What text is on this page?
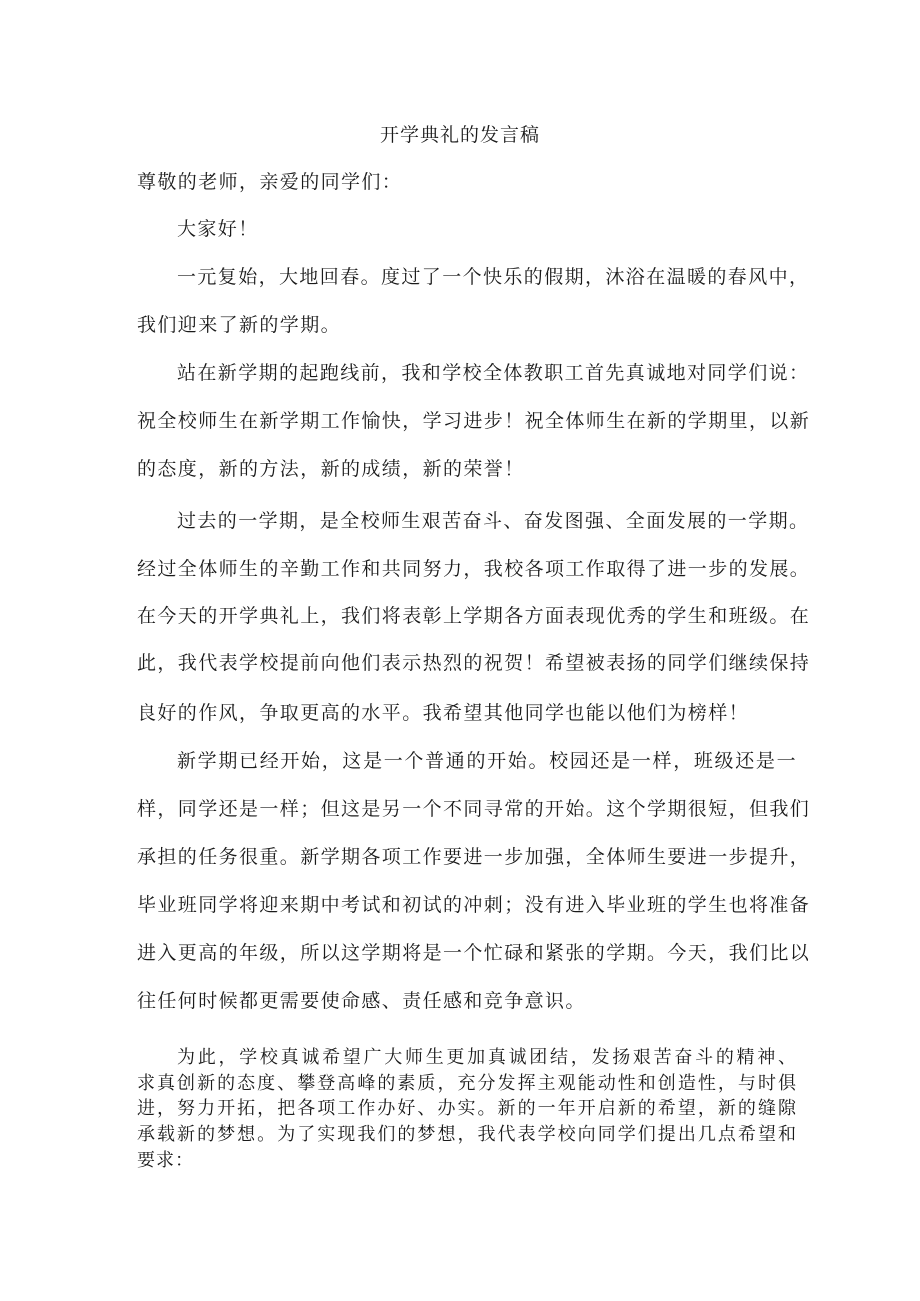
开学典礼的发言稿
尊敬的老师，亲爱的同学们：
大家好！
一元复始，大地回春。度过了一个快乐的假期，沐浴在温暖的春风中，
我们迎来了新的学期。
站在新学期的起跑线前，我和学校全体教职工首先真诚地对同学们说：
祝全校师生在新学期工作愉快，学习进步！祝全体师生在新的学期里，以新
的态度，新的方法，新的成绩，新的荣誉！
过去的一学期，是全校师生艰苦奋斗、奋发图强、全面发展的一学期。
经过全体师生的辛勤工作和共同努力，我校各项工作取得了进一步的发展。
在今天的开学典礼上，我们将表彰上学期各方面表现优秀的学生和班级。在
此，我代表学校提前向他们表示热烈的祝贺！希望被表扬的同学们继续保持
良好的作风，争取更高的水平。我希望其他同学也能以他们为榜样！
新学期已经开始，这是一个普通的开始。校园还是一样，班级还是一
样，同学还是一样；但这是另一个不同寻常的开始。这个学期很短，但我们
承担的任务很重。新学期各项工作要进一步加强，全体师生要进一步提升，
毕业班同学将迎来期中考试和初试的冲刺；没有进入毕业班的学生也将准备
进入更高的年级，所以这学期将是一个忙碌和紧张的学期。今天，我们比以
往任何时候都更需要使命感、责任感和竞争意识。
为此，学校真诚希望广大师生更加真诚团结，发扬艰苦奋斗的精神、
求真创新的态度、攀登高峰的素质，充分发挥主观能动性和创造性，与时俱
进，努力开拓，把各项工作办好、办实。新的一年开启新的希望，新的缝隙
承载新的梦想。为了实现我们的梦想，我代表学校向同学们提出几点希望和
要求：
